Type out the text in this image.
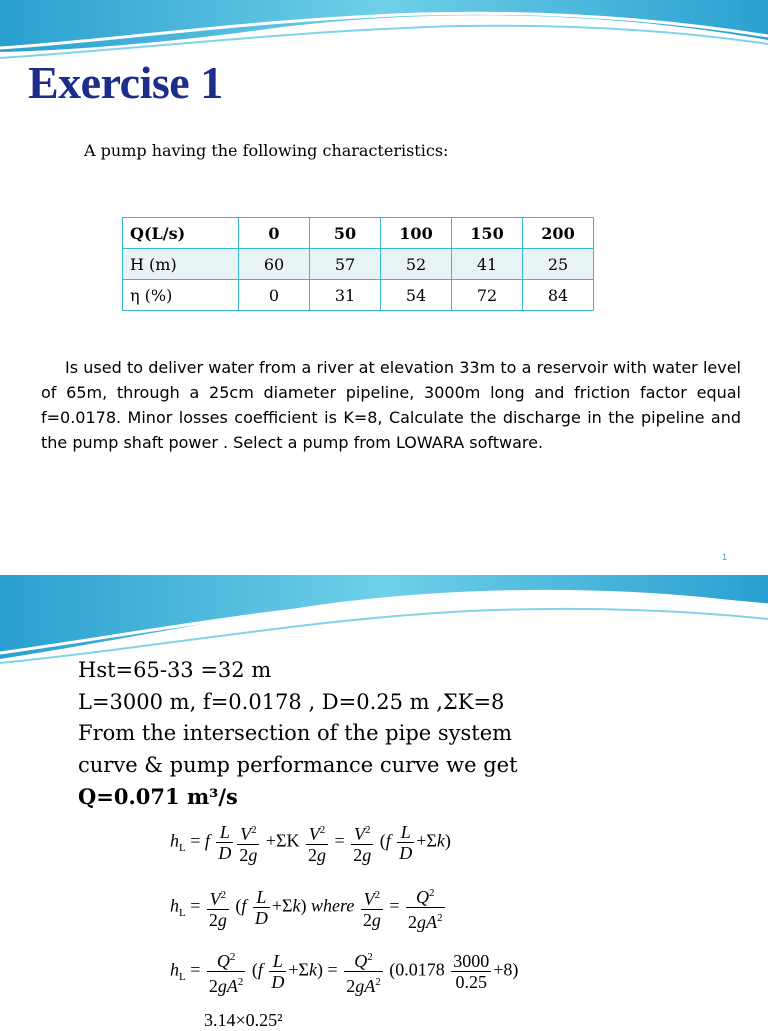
Exercise 1
A pump having the following characteristics:
Q(L/s)	0	50	100	150	200
H (m)	60	57	52	41	25
η (%)	0	31	54	72	84
Is used to deliver water from a river at elevation 33m to a reservoir with water level of 65m, through a 25cm diameter pipeline, 3000m long and friction factor equal f=0.0178. Minor losses coefficient is K=8, Calculate the discharge in the pipeline and the pump shaft power . Select a pump from LOWARA software.
1
Hst=65-33 =32 m
L=3000 m, f=0.0178 , D=0.25 m ,ΣK=8
From the intersection of the pipe system
curve & pump performance curve we get
Q=0.071 m³/s
$h_L = f \frac{L}{D} \frac{V^2}{2g} +\Sigma K \frac{V^2}{2g} = \frac{V^2}{2g} (f \frac{L}{D} +\Sigma k)$
$h_L = \frac{V^2}{2g} (f \frac{L}{D} +\Sigma k)$ where $\frac{V^2}{2g} = \frac{Q^2}{2gA^2}$
$h_L = \frac{Q^2}{2gA^2} (f \frac{L}{D} +\Sigma k) = \frac{Q^2}{2gA^2} (0.0178 \frac{3000}{0.25} +8)$
3.14×0.25²
